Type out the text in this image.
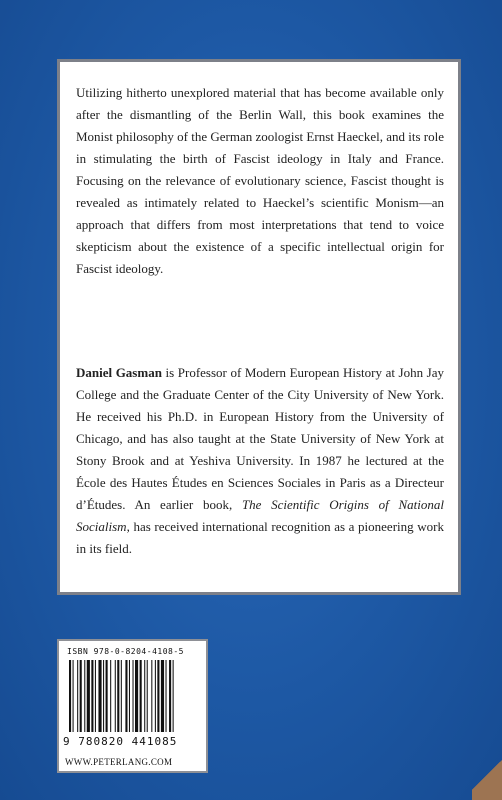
Utilizing hitherto unexplored material that has become available only after the dismantling of the Berlin Wall, this book examines the Monist philosophy of the German zoologist Ernst Haeckel, and its role in stimulating the birth of Fascist ideology in Italy and France. Focusing on the relevance of evolutionary science, Fascist thought is revealed as intimately related to Haeckel’s scientific Monism—an approach that differs from most interpretations that tend to voice skepticism about the existence of a specific intellectual origin for Fascist ideology.

Daniel Gasman is Professor of Modern European History at John Jay College and the Graduate Center of the City University of New York. He received his Ph.D. in European History from the University of Chicago, and has also taught at the State University of New York at Stony Brook and at Yeshiva University. In 1987 he lectured at the École des Hautes Études en Sciences Sociales in Paris as a Directeur d’Études. An earlier book, The Scientific Origins of National Socialism, has received international recognition as a pioneering work in its field.

ISBN 978-0-8204-4108-5
9 780820 441085
WWW.PETERLANG.COM
